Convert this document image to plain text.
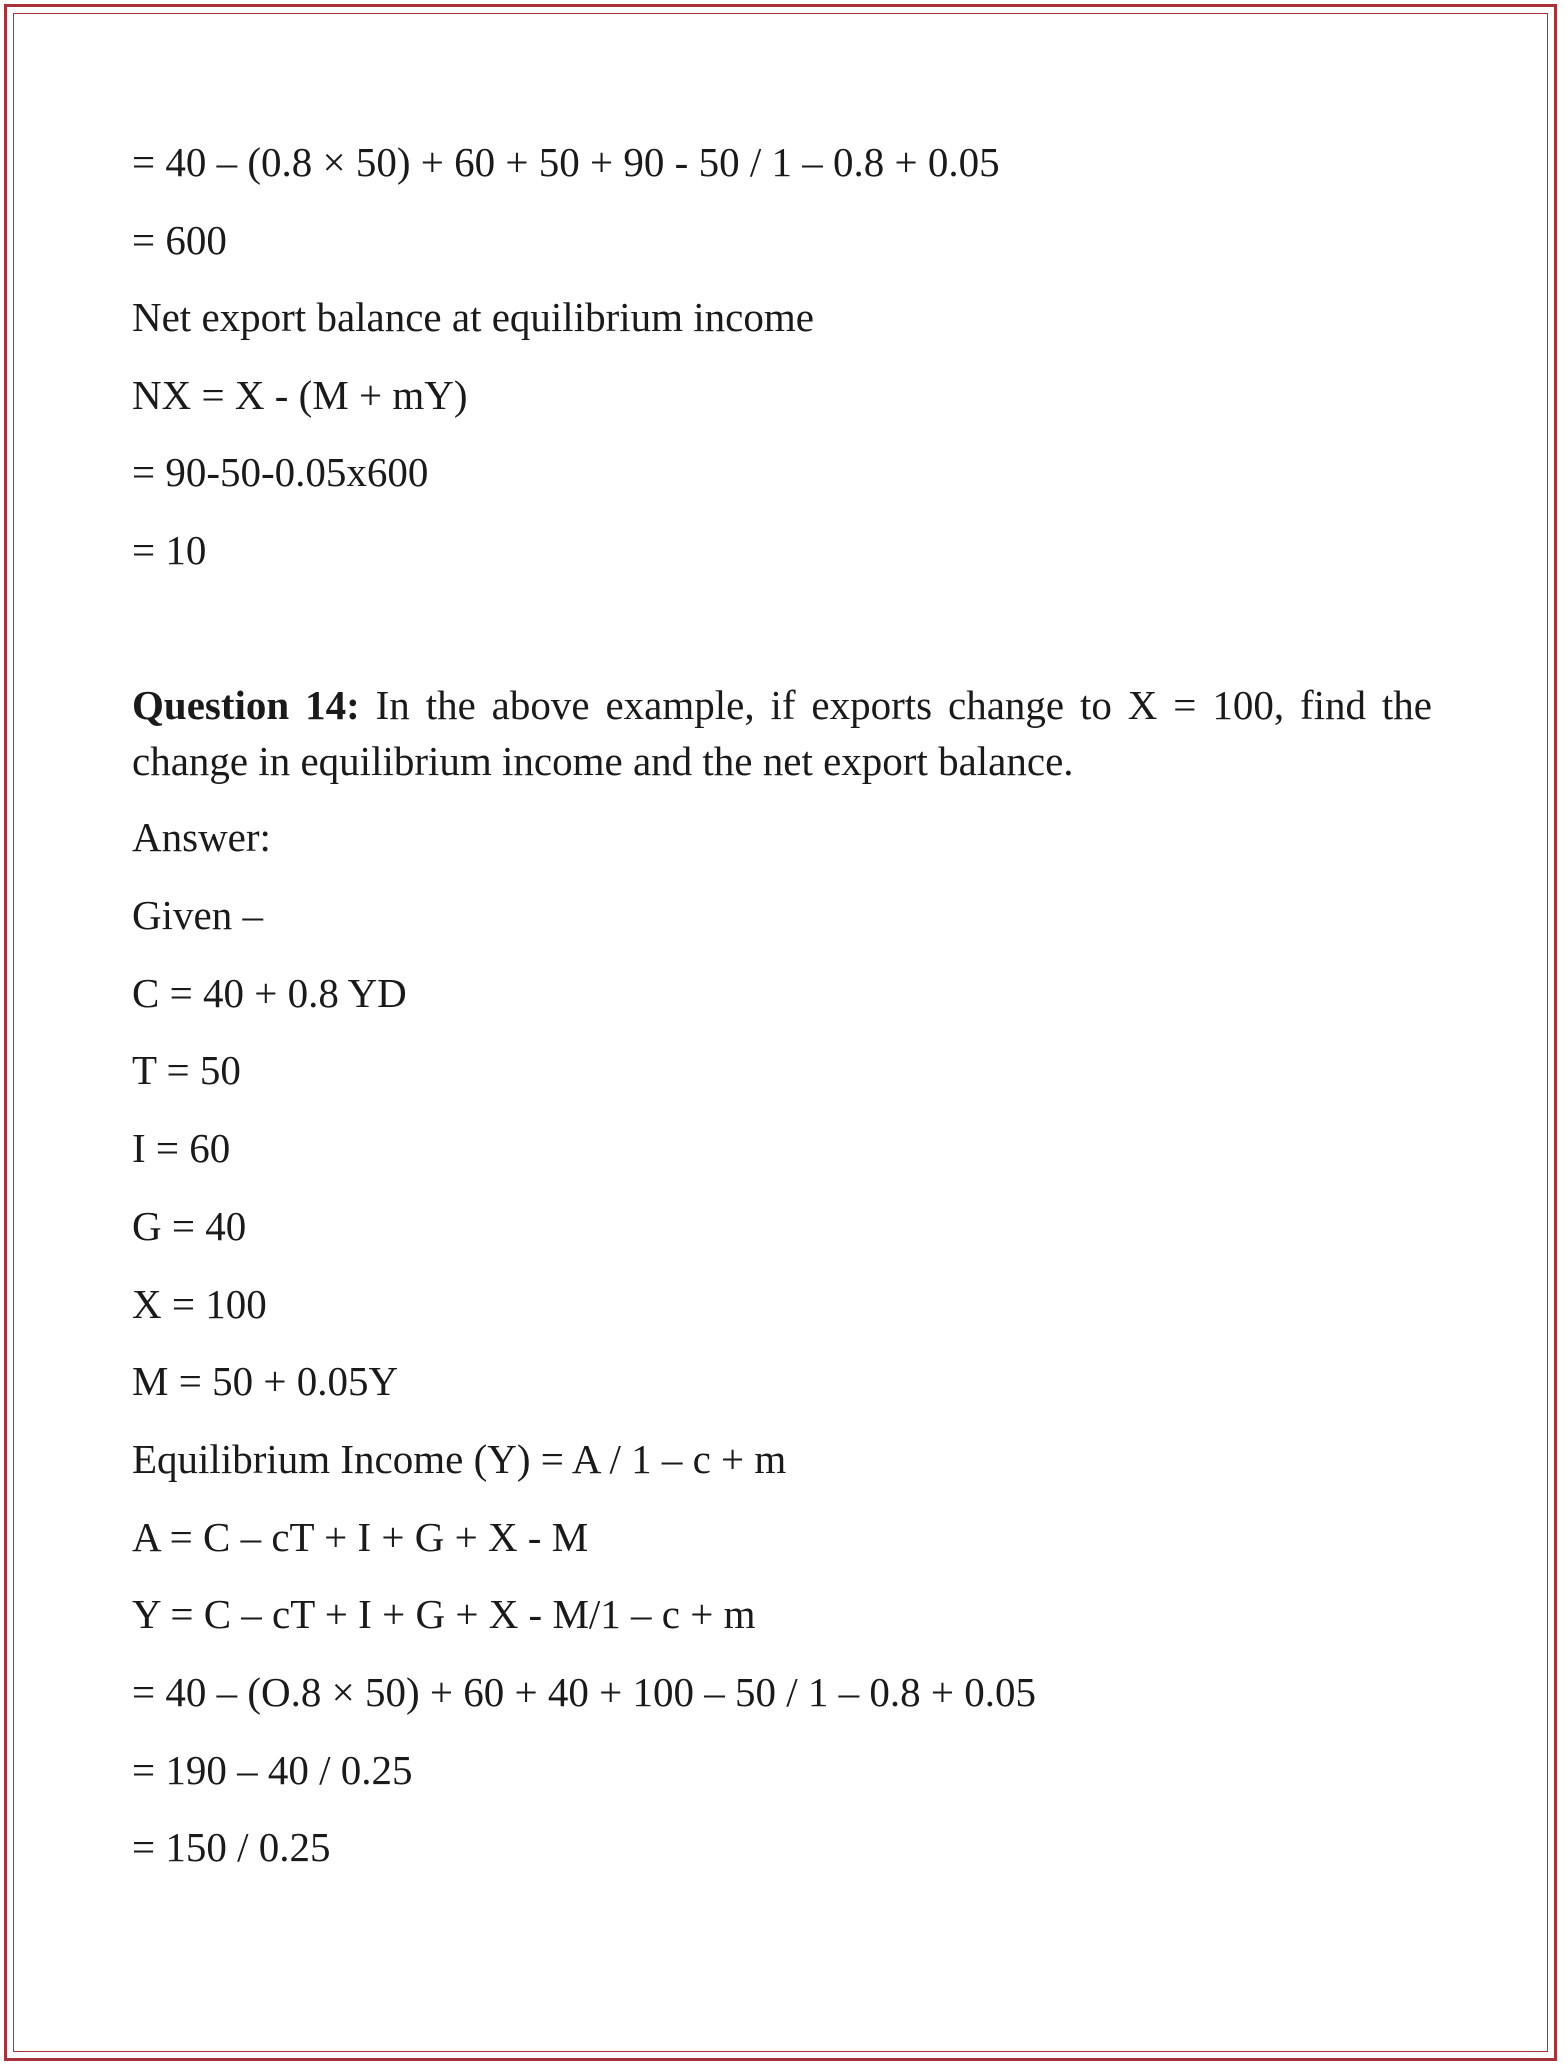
= 40 – (0.8 × 50) + 60 + 50 + 90 - 50 / 1 – 0.8 + 0.05
= 600
Net export balance at equilibrium income
NX = X - (M + mY)
= 90-50-0.05x600
= 10
Question 14: In the above example, if exports change to X = 100, find the change in equilibrium income and the net export balance.
Answer:
Given –
C = 40 + 0.8 YD
T = 50
I = 60
G = 40
X = 100
M = 50 + 0.05Y
Equilibrium Income (Y) = A / 1 – c + m
A = C – cT + I + G + X - M
Y = C – cT + I + G + X - M/1 – c + m
= 40 – (O.8 × 50) + 60 + 40 + 100 – 50 / 1 – 0.8 + 0.05
= 190 – 40 / 0.25
= 150 / 0.25
